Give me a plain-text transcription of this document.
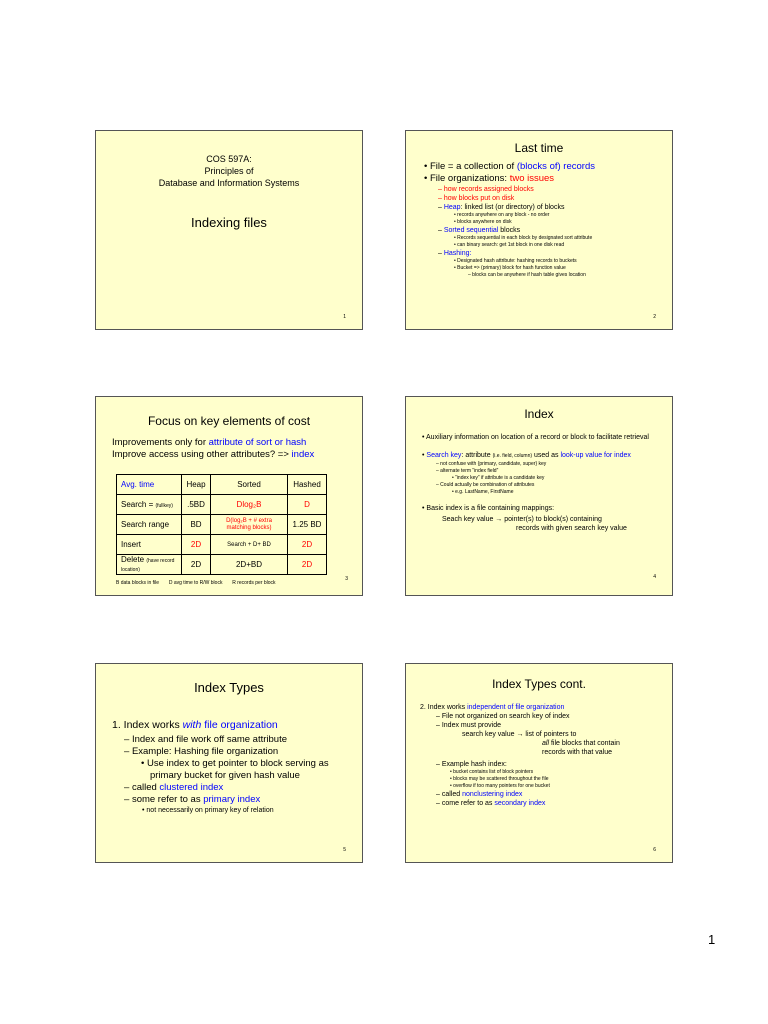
COS 597A:
Principles of
Database and Information Systems
Indexing files
1
Last time
• File = a collection of (blocks of) records
• File organizations: two issues
– how records assigned blocks
– how blocks put on disk
– Heap: linked list (or directory) of blocks
• records anywhere on any block - no order
• blocks anywhere on disk
– Sorted sequential blocks
• Records sequential in each block by designated sort attribute
• can binary search: get 1st block in one disk read
– Hashing:
• Designated hash attribute: hashing records to buckets
• Bucket => (primary) block for hash function value
– blocks can be anywhere if hash table gives location
2
Focus on key elements of cost
Improvements only for attribute of sort or hash
Improve access using other attributes? => index
Avg. time	Heap	Sorted	Hashed
Search = (fullkey)	.5BD	Dlog₂B	D
Search range	BD	D(log₂B + # extra matching blocks)	1.25 BD
Insert	2D	Search + D+ BD	2D
Delete (have record location)	2D	2D+BD	2D
B data blocks in file D avg time to R/W block R records per block
3
Index
• Auxiliary information on location of a record or block to facilitate retrieval
• Search key: attribute (i.e. field, column) used as look-up value for index
– not confuse with {primary, candidate, super} key
– alternate term “index field”
• “index key” if attribute is a candidate key
– Could actually be combination of attributes
• e.g. LastName, FirstName
• Basic index is a file containing mappings:
Seach key value → pointer(s) to block(s) containing
records with given search key value
4
Index Types
1. Index works with file organization
– Index and file work off same attribute
– Example: Hashing file organization
• Use index to get pointer to block serving as primary bucket for given hash value
– called clustered index
– some refer to as primary index
• not necessarily on primary key of relation
5
Index Types cont.
2. Index works independent of file organization
– File not organized on search key of index
– Index must provide
search key value → list of pointers to
all file blocks that contain
records with that value
– Example hash index:
• bucket contains list of block pointers
• blocks may be scattered throughout the file
• overflow if too many pointers for one bucket
– called nonclustering index
– come refer to as secondary index
6
1
